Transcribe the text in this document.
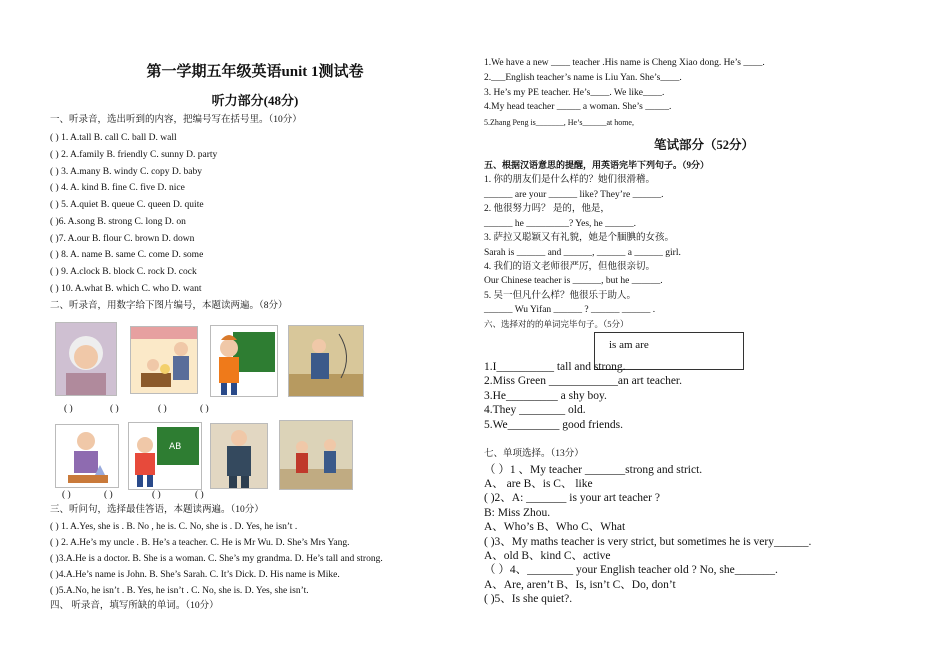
第一学期五年级英语unit 1测试卷
听力部分(48分)
一、听录音，选出听到的内容，把编号写在括号里。（10分）
( ) 1. A.tall B. call C. ball D. wall
( ) 2. A.family B. friendly C. sunny D. party
( ) 3. A.many B. windy C. copy D. baby
( ) 4. A. kind B. fine C. five D. nice
( ) 5. A.quiet B. queue C. queen D. quite
( )6. A.song B. strong C. long D. on
( )7. A.our B. flour C. brown D. down
( ) 8. A. name B. same C. come D. some
( ) 9. A.clock B. block C. rock D. cock
( ) 10. A.what B. which C. who D. want
二、听录音，用数字给下图片编号，本题读两遍。（8分）
( )	( )	( )	( )
AB
( )	( )	( )	( )
三、听问句，选择最佳答语，本题读两遍。（10分）
( ) 1. A.Yes, she is . B. No , he is. C. No, she is . D. Yes, he isn’t .
( ) 2. A.He’s my uncle . B. He’s a teacher. C. He is Mr Wu. D. She’s Mrs Yang.
( )3.A.He is a doctor. B. She is a woman. C. She’s my grandma. D. He’s tall and strong.
( )4.A.He’s name is John. B. She’s Sarah. C. It’s Dick. D. His name is Mike.
( )5.A.No, he isn’t . B. Yes, he isn’t . C. No, she is. D. Yes, she isn’t.
四、 听录音，填写所缺的单词。（10分）
1.We have a new ____ teacher .His name is Cheng Xiao dong. He’s ____.
2.___English teacher’s name is Liu Yan. She’s____.
3. He’s my PE teacher. He’s____. We like____.
4.My head teacher _____ a woman. She’s _____.
5.Zhang Peng is_______, He’s______at home,
笔试部分（52分）
五、根据汉语意思的提醒，用英语完毕下列句子。（9分）
1. 你的朋友们是什么样的？她们很滑稽。
______ are your ______ like? They’re ______.
2. 他很努力吗？ 是的，他是，
______ he _________? Yes, he ______.
3. 萨拉又聪颖又有礼貌，她是个腼腆的女孩。
Sarah is ______ and ______, ______ a ______ girl.
4. 我们的语文老师很严厉，但他很亲切。
Our Chinese teacher is ______, but he ______.
5. 吴一但凡什么样？他很乐于助人。
______ Wu Yifan ______ ? ______ ______ .
六、选择对的的单词完毕句子。（5分）
is am are
1.I__________ tall and strong.
2.Miss Green ____________an art teacher.
3.He_________ a shy boy.
4.They ________ old.
5.We_________ good friends.
七、单项选择。（13分）
（ ）1 、My teacher _______strong and strict.
A、 are B、is C、 like
( )2、A: _______ is your art teacher ?
B: Miss Zhou.
A、Who’s B、Who C、What
( )3、My maths teacher is very strict, but sometimes he is very______.
A、old B、kind C、active
（ ）4、________ your English teacher old ? No, she_______.
A、Are, aren’t B、Is, isn’t C、Do, don’t
( )5、Is she quiet?.
